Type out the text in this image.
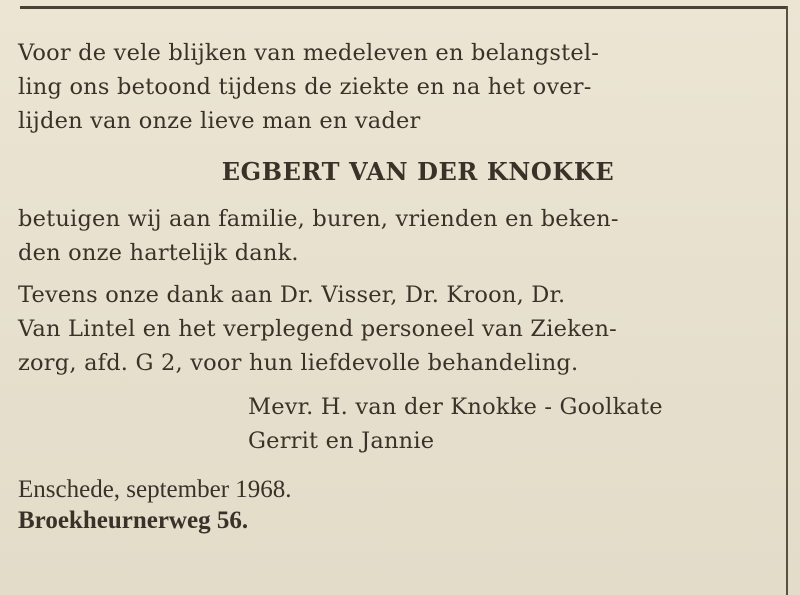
Voor de vele blijken van medeleven en belangstel-
ling ons betoond tijdens de ziekte en na het over-
lijden van onze lieve man en vader
EGBERT VAN DER KNOKKE
betuigen wij aan familie, buren, vrienden en beken-
den onze hartelijk dank.
Tevens onze dank aan Dr. Visser, Dr. Kroon, Dr.
Van Lintel en het verplegend personeel van Zieken-
zorg, afd. G 2, voor hun liefdevolle behandeling.
Mevr. H. van der Knokke - Goolkate
Gerrit en Jannie
Enschede, september 1968.
Broekheurnerweg 56.
